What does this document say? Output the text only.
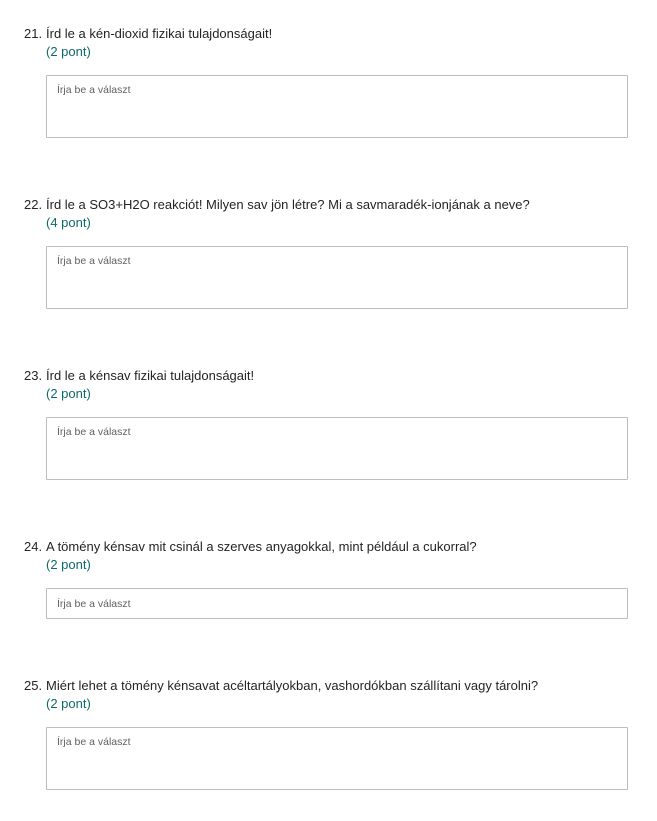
21. Írd le a kén-dioxid fizikai tulajdonságait!
(2 pont)
Írja be a választ
22. Írd le a SO3+H2O reakciót! Milyen sav jön létre? Mi a savmaradék-ionjának a neve?
(4 pont)
Írja be a választ
23. Írd le a kénsav fizikai tulajdonságait!
(2 pont)
Írja be a választ
24. A tömény kénsav mit csinál a szerves anyagokkal, mint például a cukorral?
(2 pont)
Írja be a választ
25. Miért lehet a tömény kénsavat acéltartályokban, vashordókban szállítani vagy tárolni?
(2 pont)
Írja be a választ
